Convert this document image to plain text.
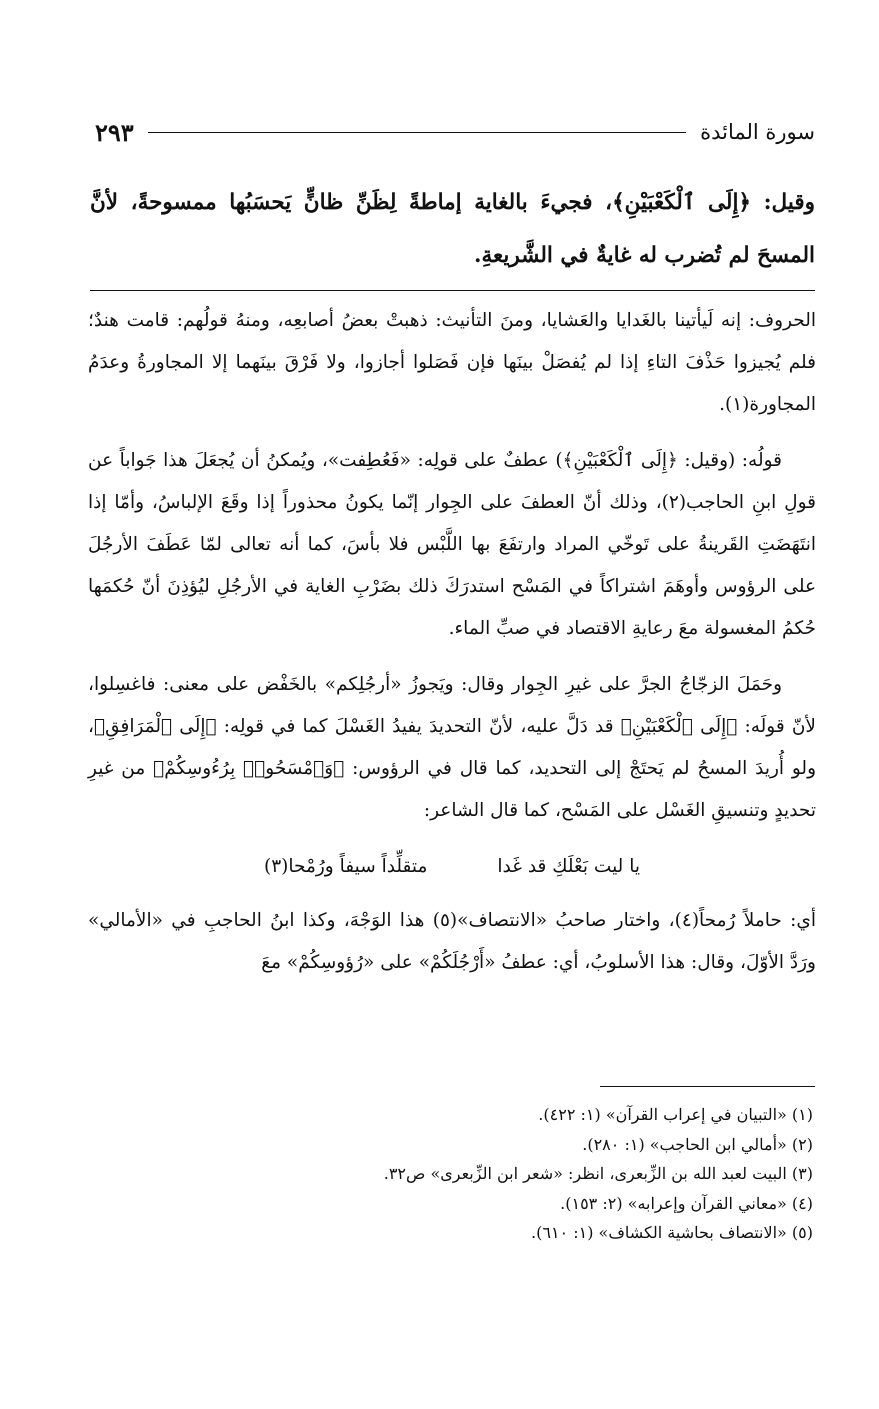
سورة المائدة
٢٩٣
وقيل: ﴿إِلَى ٱلْكَعْبَيْنِ﴾، فجيءَ بالغاية إماطةً لِظَنِّ ظانٍّ يَحسَبُها ممسوحةً، لأنَّ المسحَ لم تُضرب له غايةٌ في الشَّريعةِ.

الحروف: إنه لَيأتينا بالغَدايا والعَشايا، ومنَ التأنيث: ذهبتْ بعضُ أصابعِه، ومنهُ قولُهم: قامت هندٌ؛ فلم يُجيزوا حَذْفَ التاءِ إذا لم يُفصَلْ بينَها فإن فَصَلوا أجازوا، ولا فَرْقَ بينَهما إلا المجاورةُ وعدَمُ المجاورة(١).

قولُه: (وقيل: ﴿إِلَى ٱلْكَعْبَيْنِ﴾) عطفٌ على قولِه: «فَعُطِفت»، ويُمكنُ أن يُجعَلَ هذا جَواباً عن قولِ ابنِ الحاجب(٢)، وذلك أنّ العطفَ على الجِوار إنّما يكونُ محذوراً إذا وقَعَ الإلباسُ، وأمّا إذا انتَهَضَتِ القَرينةُ على تَوخّي المراد وارتفَعَ بها اللَّبْس فلا بأسَ، كما أنه تعالى لمّا عَطَفَ الأرجُلَ على الرؤوس وأوهَمَ اشتراكاً في المَسْح استدرَكَ ذلك بضَرْبِ الغاية في الأرجُلِ ليُؤذِنَ أنّ حُكمَها حُكمُ المغسولة معَ رعايةِ الاقتصاد في صبِّ الماء.

وحَمَلَ الزجّاجُ الجرَّ على غيرِ الجِوار وقال: ويَجوزُ «أرجُلِكم» بالخَفْض على معنى: فاغسِلوا، لأنّ قولَه: ﴿إِلَى ٱلْكَعْبَيْنِ﴾ قد دَلَّ عليه، لأنّ التحديدَ يفيدُ الغَسْلَ كما في قولِه: ﴿إِلَى ٱلْمَرَافِقِ﴾، ولو أُريدَ المسحُ لم يَحتَجْ إلى التحديد، كما قال في الرؤوس: ﴿وَٱمْسَحُوا۟ بِرُءُوسِكُمْ﴾ من غيرِ تحديدٍ وتنسيقِ الغَسْل على المَسْح، كما قال الشاعر:

يا ليت بَعْلَكِ قد غَدا
متقلِّداً سيفاً ورُمْحا(٣)

أي: حاملاً رُمحاً(٤)، واختار صاحبُ «الانتصاف»(٥) هذا الوَجْهَ، وكذا ابنُ الحاجبِ في «الأمالي» ورَدَّ الأوّلَ، وقال: هذا الأسلوبُ، أي: عطفُ «أَرْجُلَكُمْ» على «رُؤوسِكُمْ» معَ

(١) «التبيان في إعراب القرآن» (١: ٤٢٢).
(٢) «أمالي ابن الحاجب» (١: ٢٨٠).
(٣) البيت لعبد الله بن الزِّبعرى، انظر: «شعر ابن الزِّبعرى» ص٣٢.
(٤) «معاني القرآن وإعرابه» (٢: ١٥٣).
(٥) «الانتصاف بحاشية الكشاف» (١: ٦١٠).
